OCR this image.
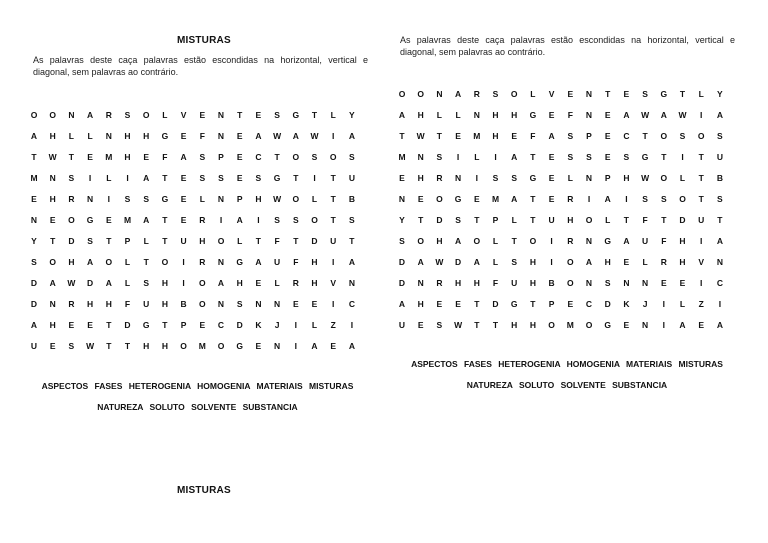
MISTURAS
As palavras deste caça palavras estão escondidas na horizontal, vertical e diagonal, sem palavras ao contrário.
O	O	N	A	R	S	O	L	V	E	N	T	E	S	G	T	L	Y
A	H	L	L	N	H	H	G	E	F	N	E	A	W	A	W	I	A
T	W	T	E	M	H	E	F	A	S	P	E	C	T	O	S	O	S
M	N	S	I	L	I	A	T	E	S	S	E	S	G	T	I	T	U
E	H	R	N	I	S	S	G	E	L	N	P	H	W	O	L	T	B
N	E	O	G	E	M	A	T	E	R	I	A	I	S	S	O	T	S
Y	T	D	S	T	P	L	T	U	H	O	L	T	F	T	D	U	T
S	O	H	A	O	L	T	O	I	R	N	G	A	U	F	H	I	A
D	A	W	D	A	L	S	H	I	O	A	H	E	L	R	H	V	N
D	N	R	H	H	F	U	H	B	O	N	S	N	N	E	E	I	C
A	H	E	E	T	D	G	T	P	E	C	D	K	J	I	L	Z	I
U	E	S	W	T	T	H	H	O	M	O	G	E	N	I	A	E	A
ASPECTOS FASES HETEROGENIA HOMOGENIA MATERIAIS MISTURAS
NATUREZA SOLUTO SOLVENTE SUBSTANCIA
As palavras deste caça palavras estão escondidas na horizontal, vertical e diagonal, sem palavras ao contrário.
O	O	N	A	R	S	O	L	V	E	N	T	E	S	G	T	L	Y
A	H	L	L	N	H	H	G	E	F	N	E	A	W	A	W	I	A
T	W	T	E	M	H	E	F	A	S	P	E	C	T	O	S	O	S
M	N	S	I	L	I	A	T	E	S	S	E	S	G	T	I	T	U
E	H	R	N	I	S	S	G	E	L	N	P	H	W	O	L	T	B
N	E	O	G	E	M	A	T	E	R	I	A	I	S	S	O	T	S
Y	T	D	S	T	P	L	T	U	H	O	L	T	F	T	D	U	T
S	O	H	A	O	L	T	O	I	R	N	G	A	U	F	H	I	A
D	A	W	D	A	L	S	H	I	O	A	H	E	L	R	H	V	N
D	N	R	H	H	F	U	H	B	O	N	S	N	N	E	E	I	C
A	H	E	E	T	D	G	T	P	E	C	D	K	J	I	L	Z	I
U	E	S	W	T	T	H	H	O	M	O	G	E	N	I	A	E	A
ASPECTOS FASES HETEROGENIA HOMOGENIA MATERIAIS MISTURAS
NATUREZA SOLUTO SOLVENTE SUBSTANCIA
MISTURAS
